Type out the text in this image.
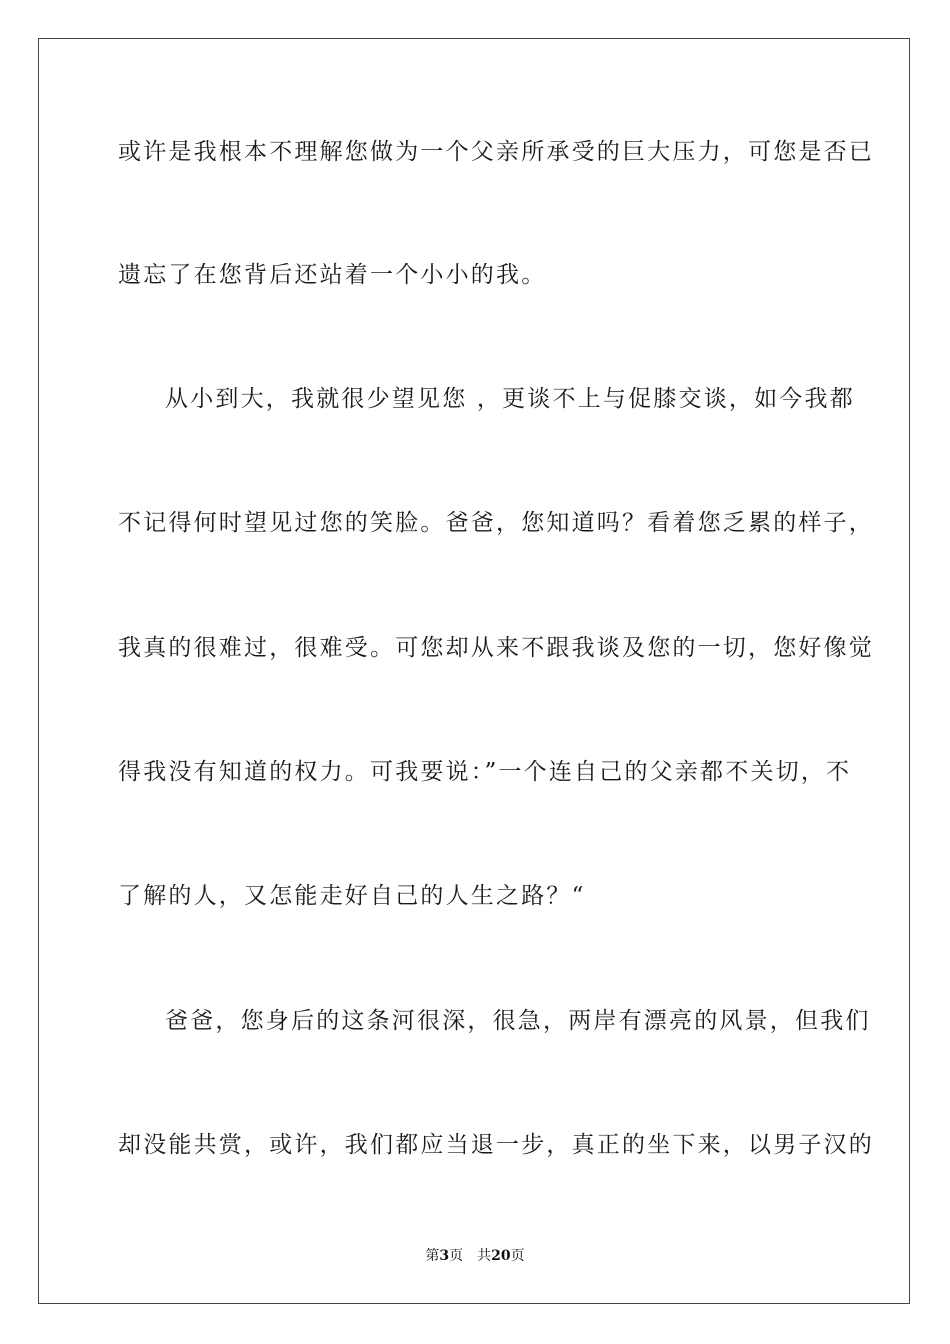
或许是我根本不理解您做为一个父亲所承受的巨大压力，可您是否已
遗忘了在您背后还站着一个小小的我。
从小到大，我就很少望见您 ，更谈不上与促膝交谈，如今我都
不记得何时望见过您的笑脸。爸爸，您知道吗？看着您乏累的样子，
我真的很难过，很难受。可您却从来不跟我谈及您的一切，您好像觉
得我没有知道的权力。可我要说：”一个连自己的父亲都不关切，不
了解的人，又怎能走好自己的人生之路？“
爸爸，您身后的这条河很深，很急，两岸有漂亮的风景，但我们
却没能共赏，或许，我们都应当退一步，真正的坐下来，以男子汉的
第3页 共20页
